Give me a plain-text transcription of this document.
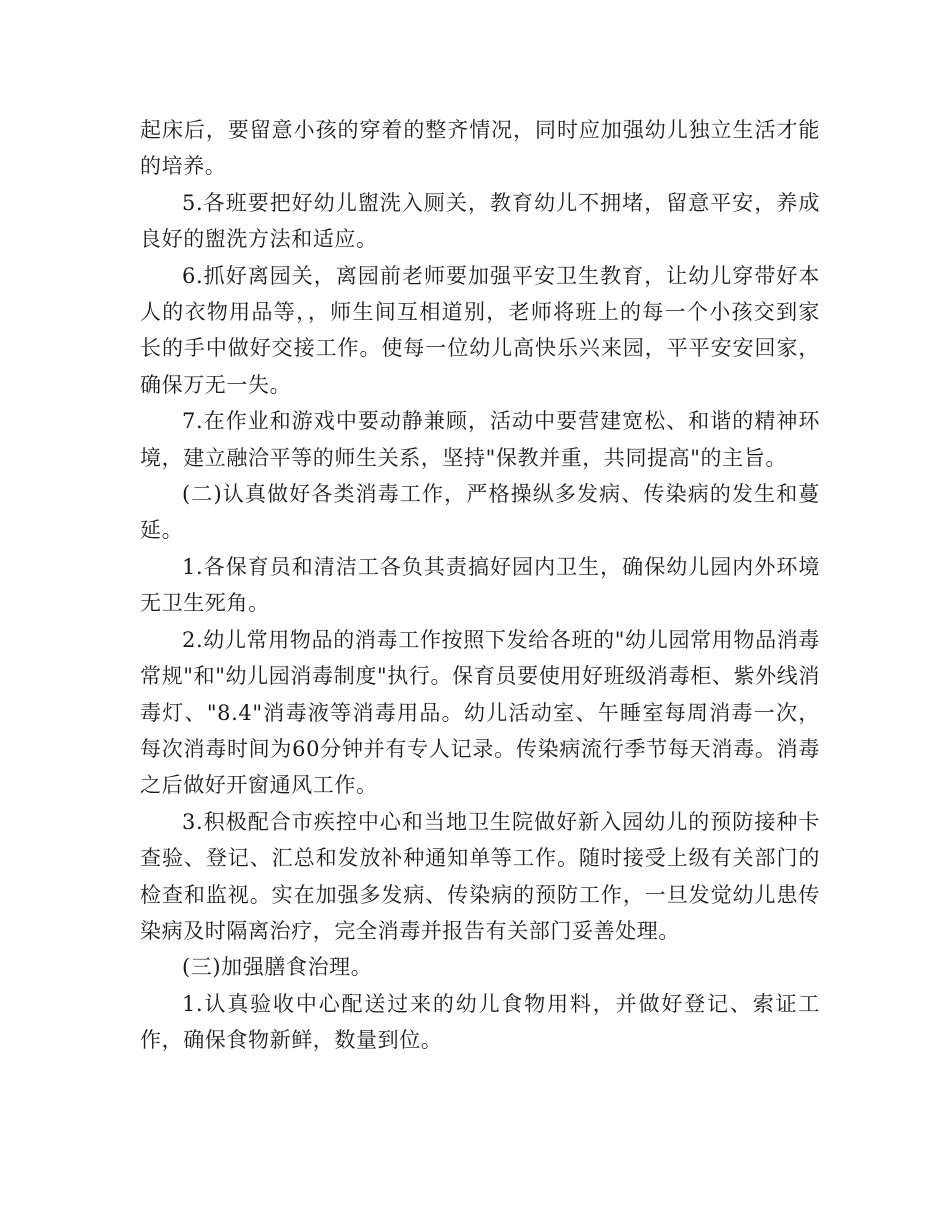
起床后，要留意小孩的穿着的整齐情况，同时应加强幼儿独立生活才能的培养。

5.各班要把好幼儿盥洗入厕关，教育幼儿不拥堵，留意平安，养成良好的盥洗方法和适应。

6.抓好离园关，离园前老师要加强平安卫生教育，让幼儿穿带好本人的衣物用品等，，师生间互相道别，老师将班上的每一个小孩交到家长的手中做好交接工作。使每一位幼儿高快乐兴来园，平平安安回家，确保万无一失。

7.在作业和游戏中要动静兼顾，活动中要营建宽松、和谐的精神环境，建立融洽平等的师生关系，坚持"保教并重，共同提高"的主旨。

(二)认真做好各类消毒工作，严格操纵多发病、传染病的发生和蔓延。

1.各保育员和清洁工各负其责搞好园内卫生，确保幼儿园内外环境无卫生死角。

2.幼儿常用物品的消毒工作按照下发给各班的"幼儿园常用物品消毒常规"和"幼儿园消毒制度"执行。保育员要使用好班级消毒柜、紫外线消毒灯、"8.4"消毒液等消毒用品。幼儿活动室、午睡室每周消毒一次，每次消毒时间为60分钟并有专人记录。传染病流行季节每天消毒。消毒之后做好开窗通风工作。

3.积极配合市疾控中心和当地卫生院做好新入园幼儿的预防接种卡查验、登记、汇总和发放补种通知单等工作。随时接受上级有关部门的检查和监视。实在加强多发病、传染病的预防工作，一旦发觉幼儿患传染病及时隔离治疗，完全消毒并报告有关部门妥善处理。

(三)加强膳食治理。

1.认真验收中心配送过来的幼儿食物用料，并做好登记、索证工作，确保食物新鲜，数量到位。
